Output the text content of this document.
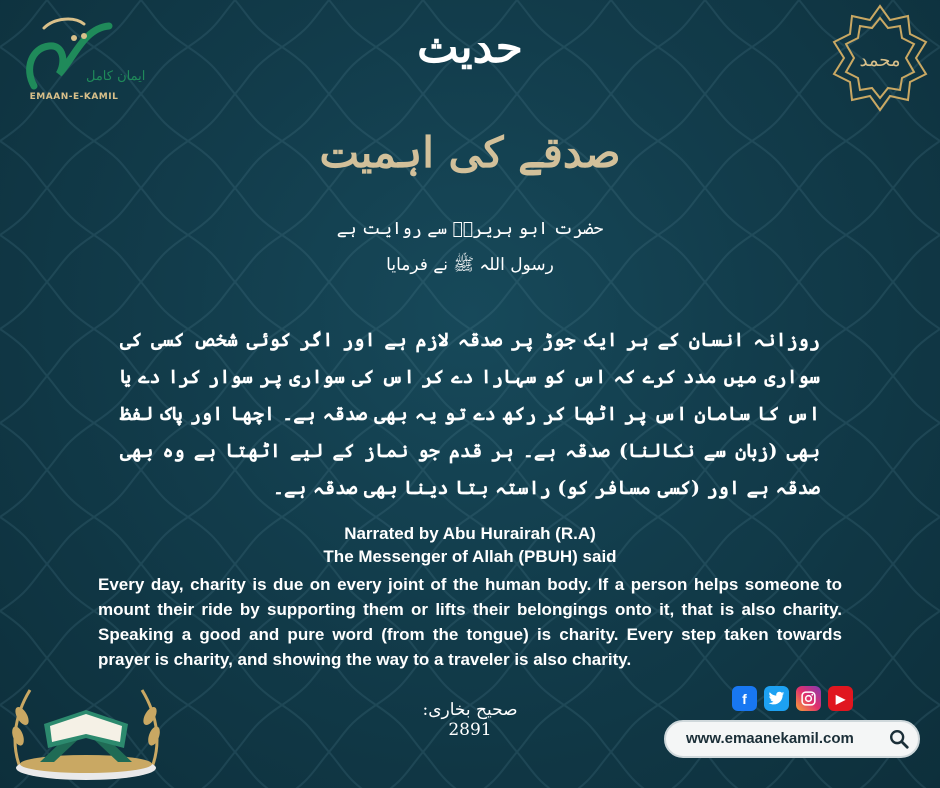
ایمان کامل
EMAAN-E-KAMIL
محمد
حدیث
صدقے کی اہمیت
حضرت ابو ہریرہؓ سے روایت ہے
رسول اللہ ﷺ نے فرمایا
روزانہ انسان کے ہر ایک جوڑ پر صدقہ لازم ہے اور اگر کوئی شخص کسی کی سواری میں مدد کرے کہ اس کو سہارا دے کر اس کی سواری پر سوار کرا دے یا اس کا سامان اس پر اٹھا کر رکھ دے تو یہ بھی صدقہ ہے۔ اچھا اور پاک لفظ بھی (زبان سے نکالنا) صدقہ ہے۔ ہر قدم جو نماز کے لیے اٹھتا ہے وہ بھی صدقہ ہے اور (کسی مسافر کو) راستہ بتا دینا بھی صدقہ ہے۔
Narrated by Abu Hurairah (R.A)
The Messenger of Allah (PBUH) said
Every day, charity is due on every joint of the human body. If a person helps someone to mount their ride by supporting them or lifts their belongings onto it, that is also charity. Speaking a good and pure word (from the tongue) is charity. Every step taken towards prayer is charity, and showing the way to a traveler is also charity.
صحیح بخاری: 2891
f	▶
www.emaanekamil.com
